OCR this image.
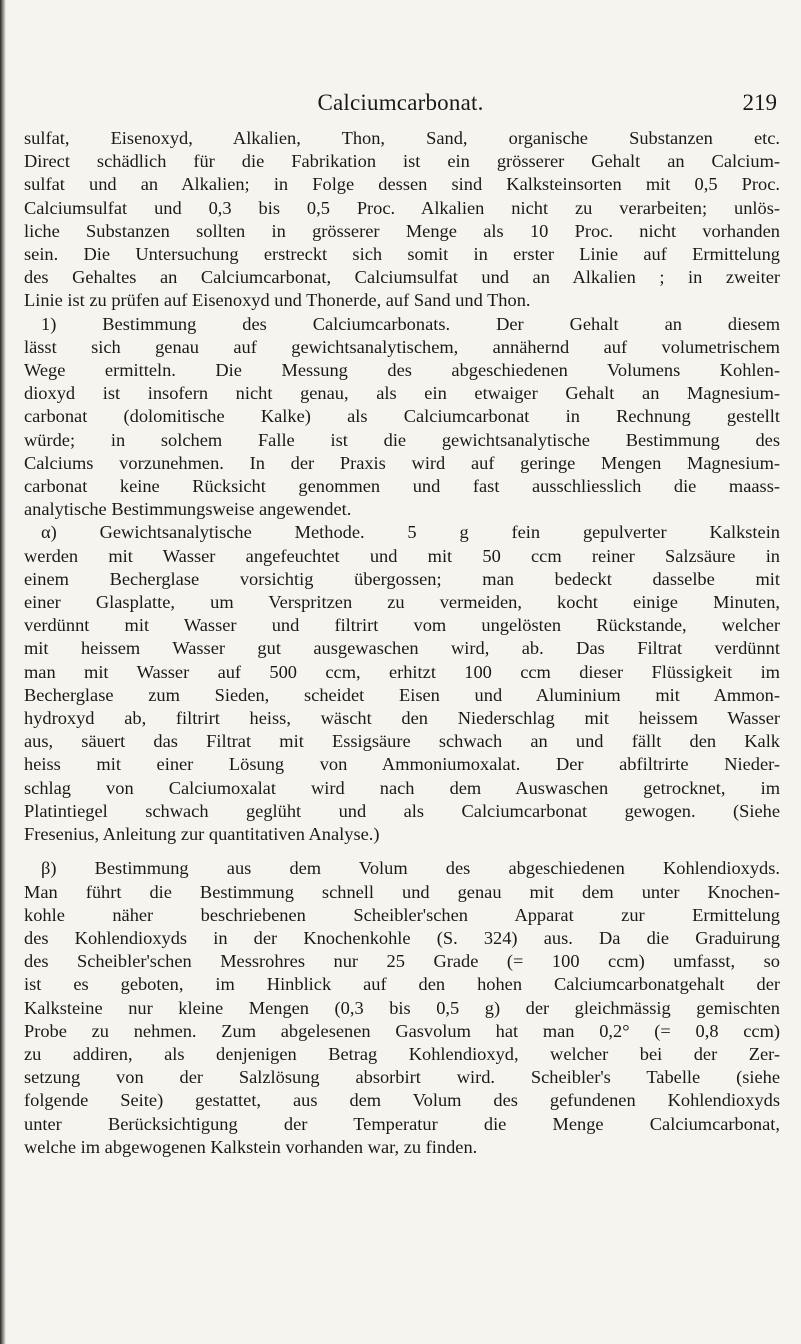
Calciumcarbonat.	219
sulfat, Eisenoxyd, Alkalien, Thon, Sand, organische Substanzen etc.
Direct schädlich für die Fabrikation ist ein grösserer Gehalt an Calcium-
sulfat und an Alkalien; in Folge dessen sind Kalksteinsorten mit 0,5 Proc.
Calciumsulfat und 0,3 bis 0,5 Proc. Alkalien nicht zu verarbeiten; unlös-
liche Substanzen sollten in grösserer Menge als 10 Proc. nicht vorhanden
sein. Die Untersuchung erstreckt sich somit in erster Linie auf Ermittelung
des Gehaltes an Calciumcarbonat, Calciumsulfat und an Alkalien ; in zweiter
Linie ist zu prüfen auf Eisenoxyd und Thonerde, auf Sand und Thon.
1) Bestimmung des Calciumcarbonats. Der Gehalt an diesem
lässt sich genau auf gewichtsanalytischem, annähernd auf volumetrischem
Wege ermitteln. Die Messung des abgeschiedenen Volumens Kohlen-
dioxyd ist insofern nicht genau, als ein etwaiger Gehalt an Magnesium-
carbonat (dolomitische Kalke) als Calciumcarbonat in Rechnung gestellt
würde; in solchem Falle ist die gewichtsanalytische Bestimmung des
Calciums vorzunehmen. In der Praxis wird auf geringe Mengen Magnesium-
carbonat keine Rücksicht genommen und fast ausschliesslich die maass-
analytische Bestimmungsweise angewendet.
α) Gewichtsanalytische Methode. 5 g fein gepulverter Kalkstein
werden mit Wasser angefeuchtet und mit 50 ccm reiner Salzsäure in
einem Becherglase vorsichtig übergossen; man bedeckt dasselbe mit
einer Glasplatte, um Verspritzen zu vermeiden, kocht einige Minuten,
verdünnt mit Wasser und filtrirt vom ungelösten Rückstande, welcher
mit heissem Wasser gut ausgewaschen wird, ab. Das Filtrat verdünnt
man mit Wasser auf 500 ccm, erhitzt 100 ccm dieser Flüssigkeit im
Becherglase zum Sieden, scheidet Eisen und Aluminium mit Ammon-
hydroxyd ab, filtrirt heiss, wäscht den Niederschlag mit heissem Wasser
aus, säuert das Filtrat mit Essigsäure schwach an und fällt den Kalk
heiss mit einer Lösung von Ammoniumoxalat. Der abfiltrirte Nieder-
schlag von Calciumoxalat wird nach dem Auswaschen getrocknet, im
Platintiegel schwach geglüht und als Calciumcarbonat gewogen. (Siehe
Fresenius, Anleitung zur quantitativen Analyse.)
β) Bestimmung aus dem Volum des abgeschiedenen Kohlendioxyds.
Man führt die Bestimmung schnell und genau mit dem unter Knochen-
kohle näher beschriebenen Scheibler'schen Apparat zur Ermittelung
des Kohlendioxyds in der Knochenkohle (S. 324) aus. Da die Graduirung
des Scheibler'schen Messrohres nur 25 Grade (= 100 ccm) umfasst, so
ist es geboten, im Hinblick auf den hohen Calciumcarbonatgehalt der
Kalksteine nur kleine Mengen (0,3 bis 0,5 g) der gleichmässig gemischten
Probe zu nehmen. Zum abgelesenen Gasvolum hat man 0,2° (= 0,8 ccm)
zu addiren, als denjenigen Betrag Kohlendioxyd, welcher bei der Zer-
setzung von der Salzlösung absorbirt wird. Scheibler's Tabelle (siehe
folgende Seite) gestattet, aus dem Volum des gefundenen Kohlendioxyds
unter Berücksichtigung der Temperatur die Menge Calciumcarbonat,
welche im abgewogenen Kalkstein vorhanden war, zu finden.
